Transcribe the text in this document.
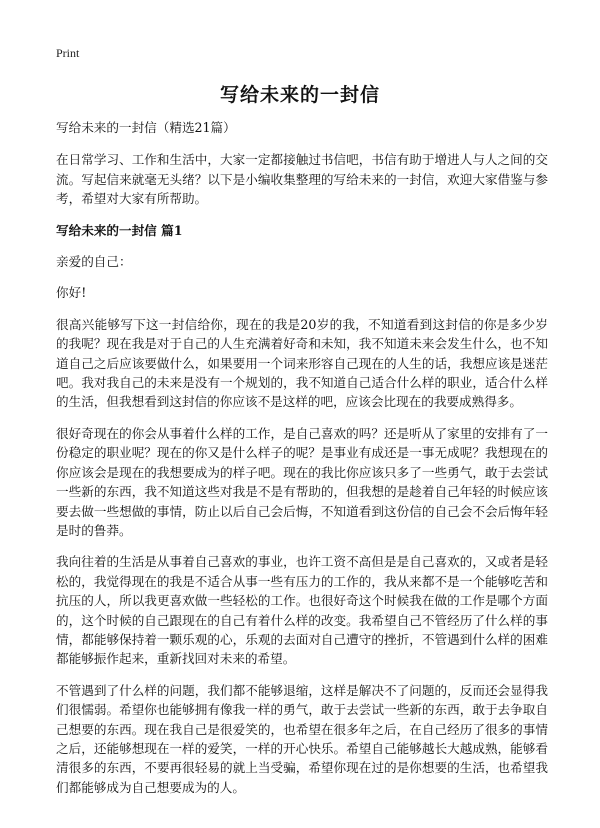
Print
写给未来的一封信

写给未来的一封信（精选21篇）

在日常学习、工作和生活中，大家一定都接触过书信吧，书信有助于增进人与人之间的交流。写起信来就毫无头绪？以下是小编收集整理的写给未来的一封信，欢迎大家借鉴与参考，希望对大家有所帮助。

写给未来的一封信 篇1

亲爱的自己：

你好!

很高兴能够写下这一封信给你，现在的我是20岁的我，不知道看到这封信的你是多少岁的我呢？现在我是对于自己的人生充满着好奇和未知，我不知道未来会发生什么，也不知道自己之后应该要做什么，如果要用一个词来形容自己现在的人生的话，我想应该是迷茫吧。我对我自己的未来是没有一个规划的，我不知道自己适合什么样的职业，适合什么样的生活，但我想看到这封信的你应该不是这样的吧，应该会比现在的我要成熟得多。

很好奇现在的你会从事着什么样的工作，是自己喜欢的吗？还是听从了家里的安排有了一份稳定的职业呢？现在的你又是什么样子的呢？是事业有成还是一事无成呢？我想现在的你应该会是现在的我想要成为的样子吧。现在的我比你应该只多了一些勇气，敢于去尝试一些新的东西，我不知道这些对我是不是有帮助的，但我想的是趁着自己年轻的时候应该要去做一些想做的事情，防止以后自己会后悔，不知道看到这份信的自己会不会后悔年轻是时的鲁莽。

我向往着的生活是从事着自己喜欢的事业，也许工资不高但是是自己喜欢的，又或者是轻松的，我觉得现在的我是不适合从事一些有压力的工作的，我从来都不是一个能够吃苦和抗压的人，所以我更喜欢做一些轻松的工作。也很好奇这个时候我在做的工作是哪个方面的，这个时候的自己跟现在的自己有着什么样的改变。我希望自己不管经历了什么样的事情，都能够保持着一颗乐观的心，乐观的去面对自己遭守的挫折，不管遇到什么样的困难都能够振作起来，重新找回对未来的希望。

不管遇到了什么样的问题，我们都不能够退缩，这样是解决不了问题的，反而还会显得我们很懦弱。希望你也能够拥有像我一样的勇气，敢于去尝试一些新的东西，敢于去争取自己想要的东西。现在我自己是很爱笑的，也希望在很多年之后，在自己经历了很多的事情之后，还能够想现在一样的爱笑，一样的开心快乐。希望自己能够越长大越成熟，能够看清很多的东西，不要再很轻易的就上当受骗，希望你现在过的是你想要的生活，也希望我们都能够成为自己想要成为的人。
